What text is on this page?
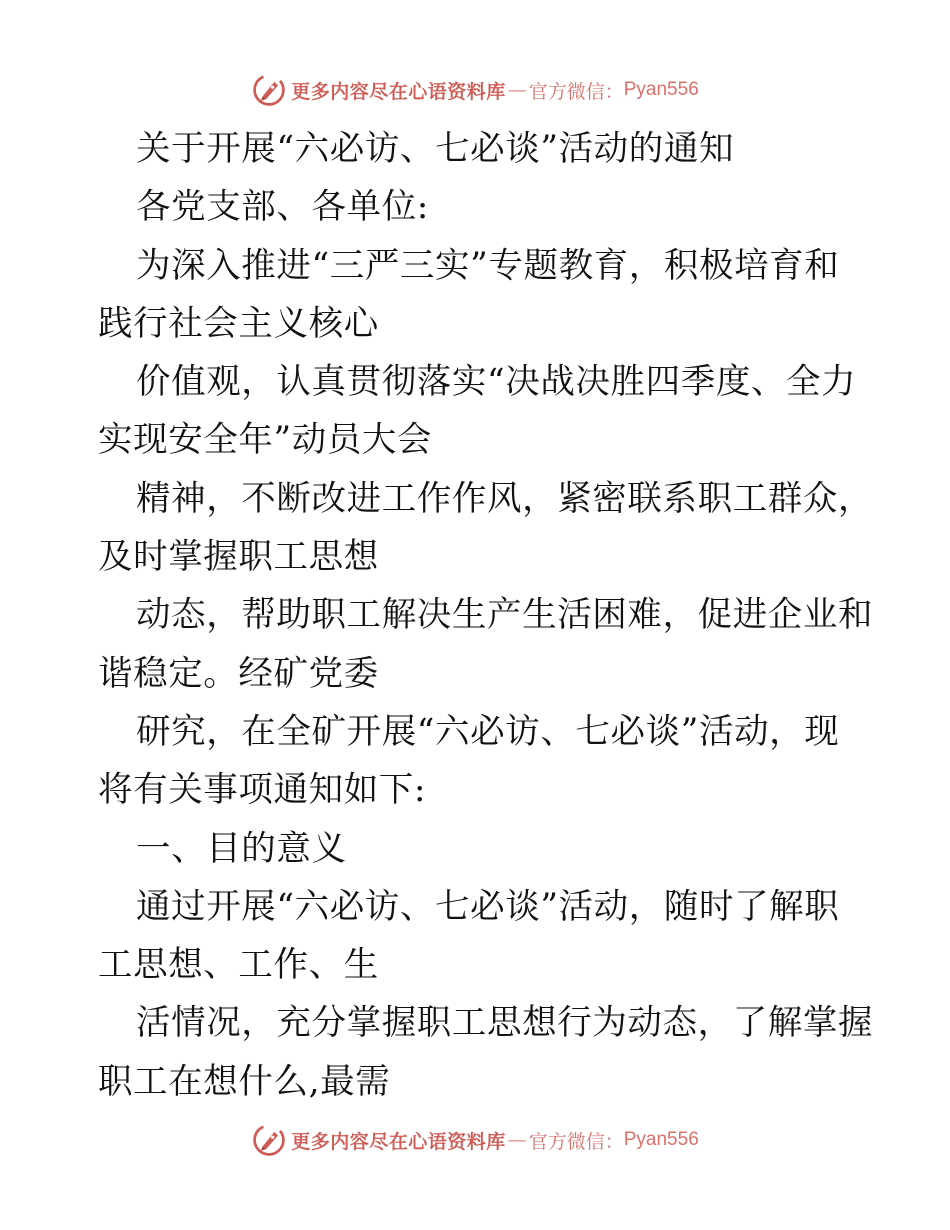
更多内容尽在心语资料库 — 官方微信： Pyan556
关于开展“六必访、七必谈”活动的通知
各党支部、各单位:
为深入推进“三严三实”专题教育，积极培育和
践行社会主义核心
价值观，认真贯彻落实“决战决胜四季度、全力
实现安全年”动员大会
精神，不断改进工作作风，紧密联系职工群众，
及时掌握职工思想
动态，帮助职工解决生产生活困难，促进企业和
谐稳定。经矿党委
研究，在全矿开展“六必访、七必谈”活动，现
将有关事项通知如下:
一、目的意义
通过开展“六必访、七必谈”活动，随时了解职
工思想、工作、生
活情况，充分掌握职工思想行为动态，了解掌握
职工在想什么,最需
更多内容尽在心语资料库 — 官方微信： Pyan556
